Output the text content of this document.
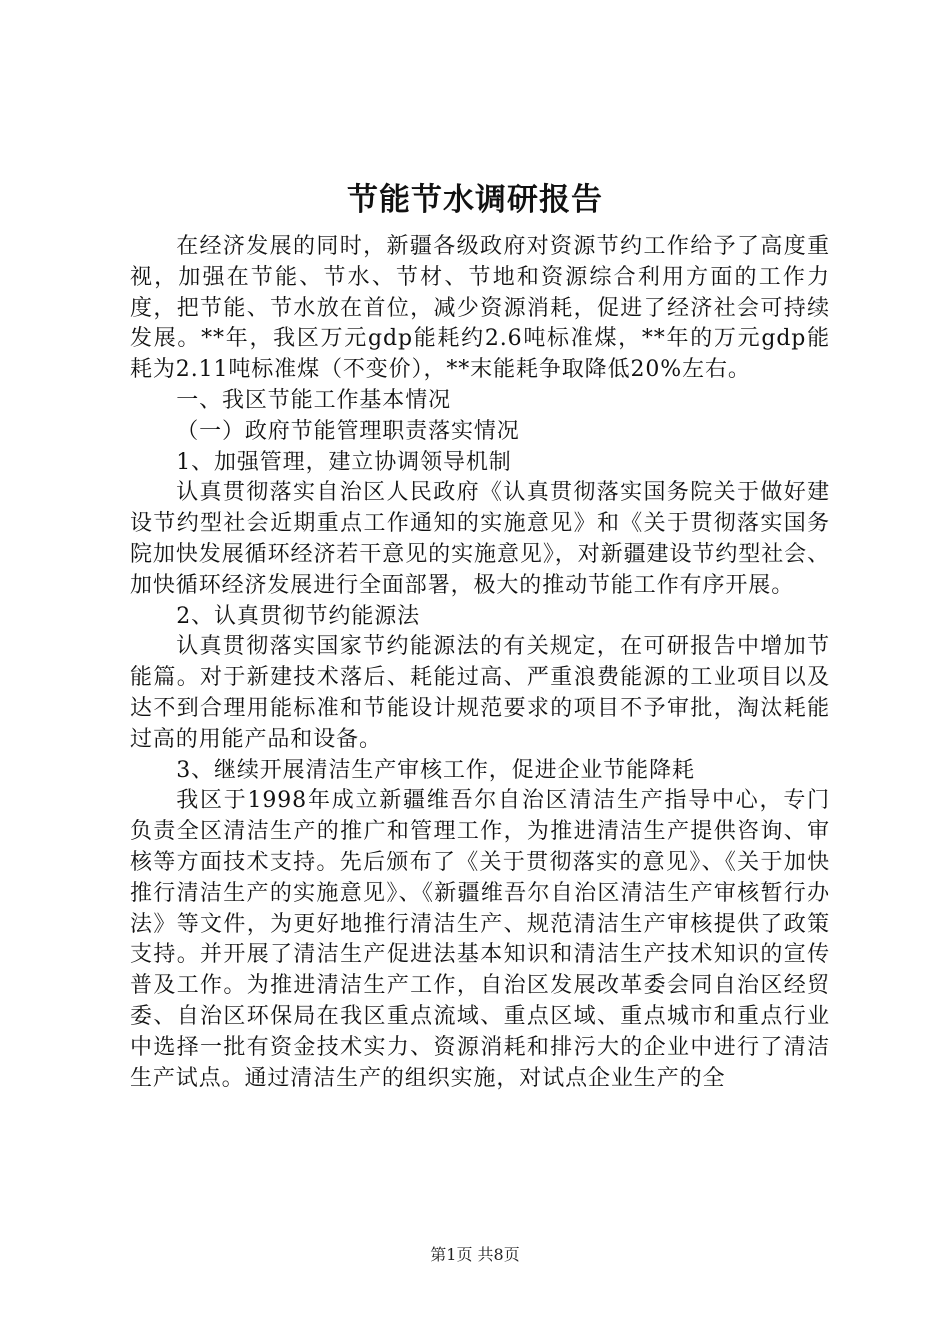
节能节水调研报告

在经济发展的同时，新疆各级政府对资源节约工作给予了高度重视，加强在节能、节水、节材、节地和资源综合利用方面的工作力度，把节能、节水放在首位，减少资源消耗，促进了经济社会可持续发展。**年，我区万元gdp能耗约2.6吨标准煤，**年的万元gdp能耗为2.11吨标准煤（不变价），**末能耗争取降低20%左右。

一、我区节能工作基本情况

（一）政府节能管理职责落实情况

1、加强管理，建立协调领导机制

认真贯彻落实自治区人民政府《认真贯彻落实国务院关于做好建设节约型社会近期重点工作通知的实施意见》和《关于贯彻落实国务院加快发展循环经济若干意见的实施意见》，对新疆建设节约型社会、加快循环经济发展进行全面部署，极大的推动节能工作有序开展。

2、认真贯彻节约能源法

认真贯彻落实国家节约能源法的有关规定，在可研报告中增加节能篇。对于新建技术落后、耗能过高、严重浪费能源的工业项目以及达不到合理用能标准和节能设计规范要求的项目不予审批，淘汰耗能过高的用能产品和设备。

3、继续开展清洁生产审核工作，促进企业节能降耗

我区于1998年成立新疆维吾尔自治区清洁生产指导中心，专门负责全区清洁生产的推广和管理工作，为推进清洁生产提供咨询、审核等方面技术支持。先后颁布了《关于贯彻落实的意见》、《关于加快推行清洁生产的实施意见》、《新疆维吾尔自治区清洁生产审核暂行办法》等文件，为更好地推行清洁生产、规范清洁生产审核提供了政策支持。并开展了清洁生产促进法基本知识和清洁生产技术知识的宣传普及工作。为推进清洁生产工作，自治区发展改革委会同自治区经贸委、自治区环保局在我区重点流域、重点区域、重点城市和重点行业中选择一批有资金技术实力、资源消耗和排污大的企业中进行了清洁生产试点。通过清洁生产的组织实施，对试点企业生产的全

第1页 共8页
